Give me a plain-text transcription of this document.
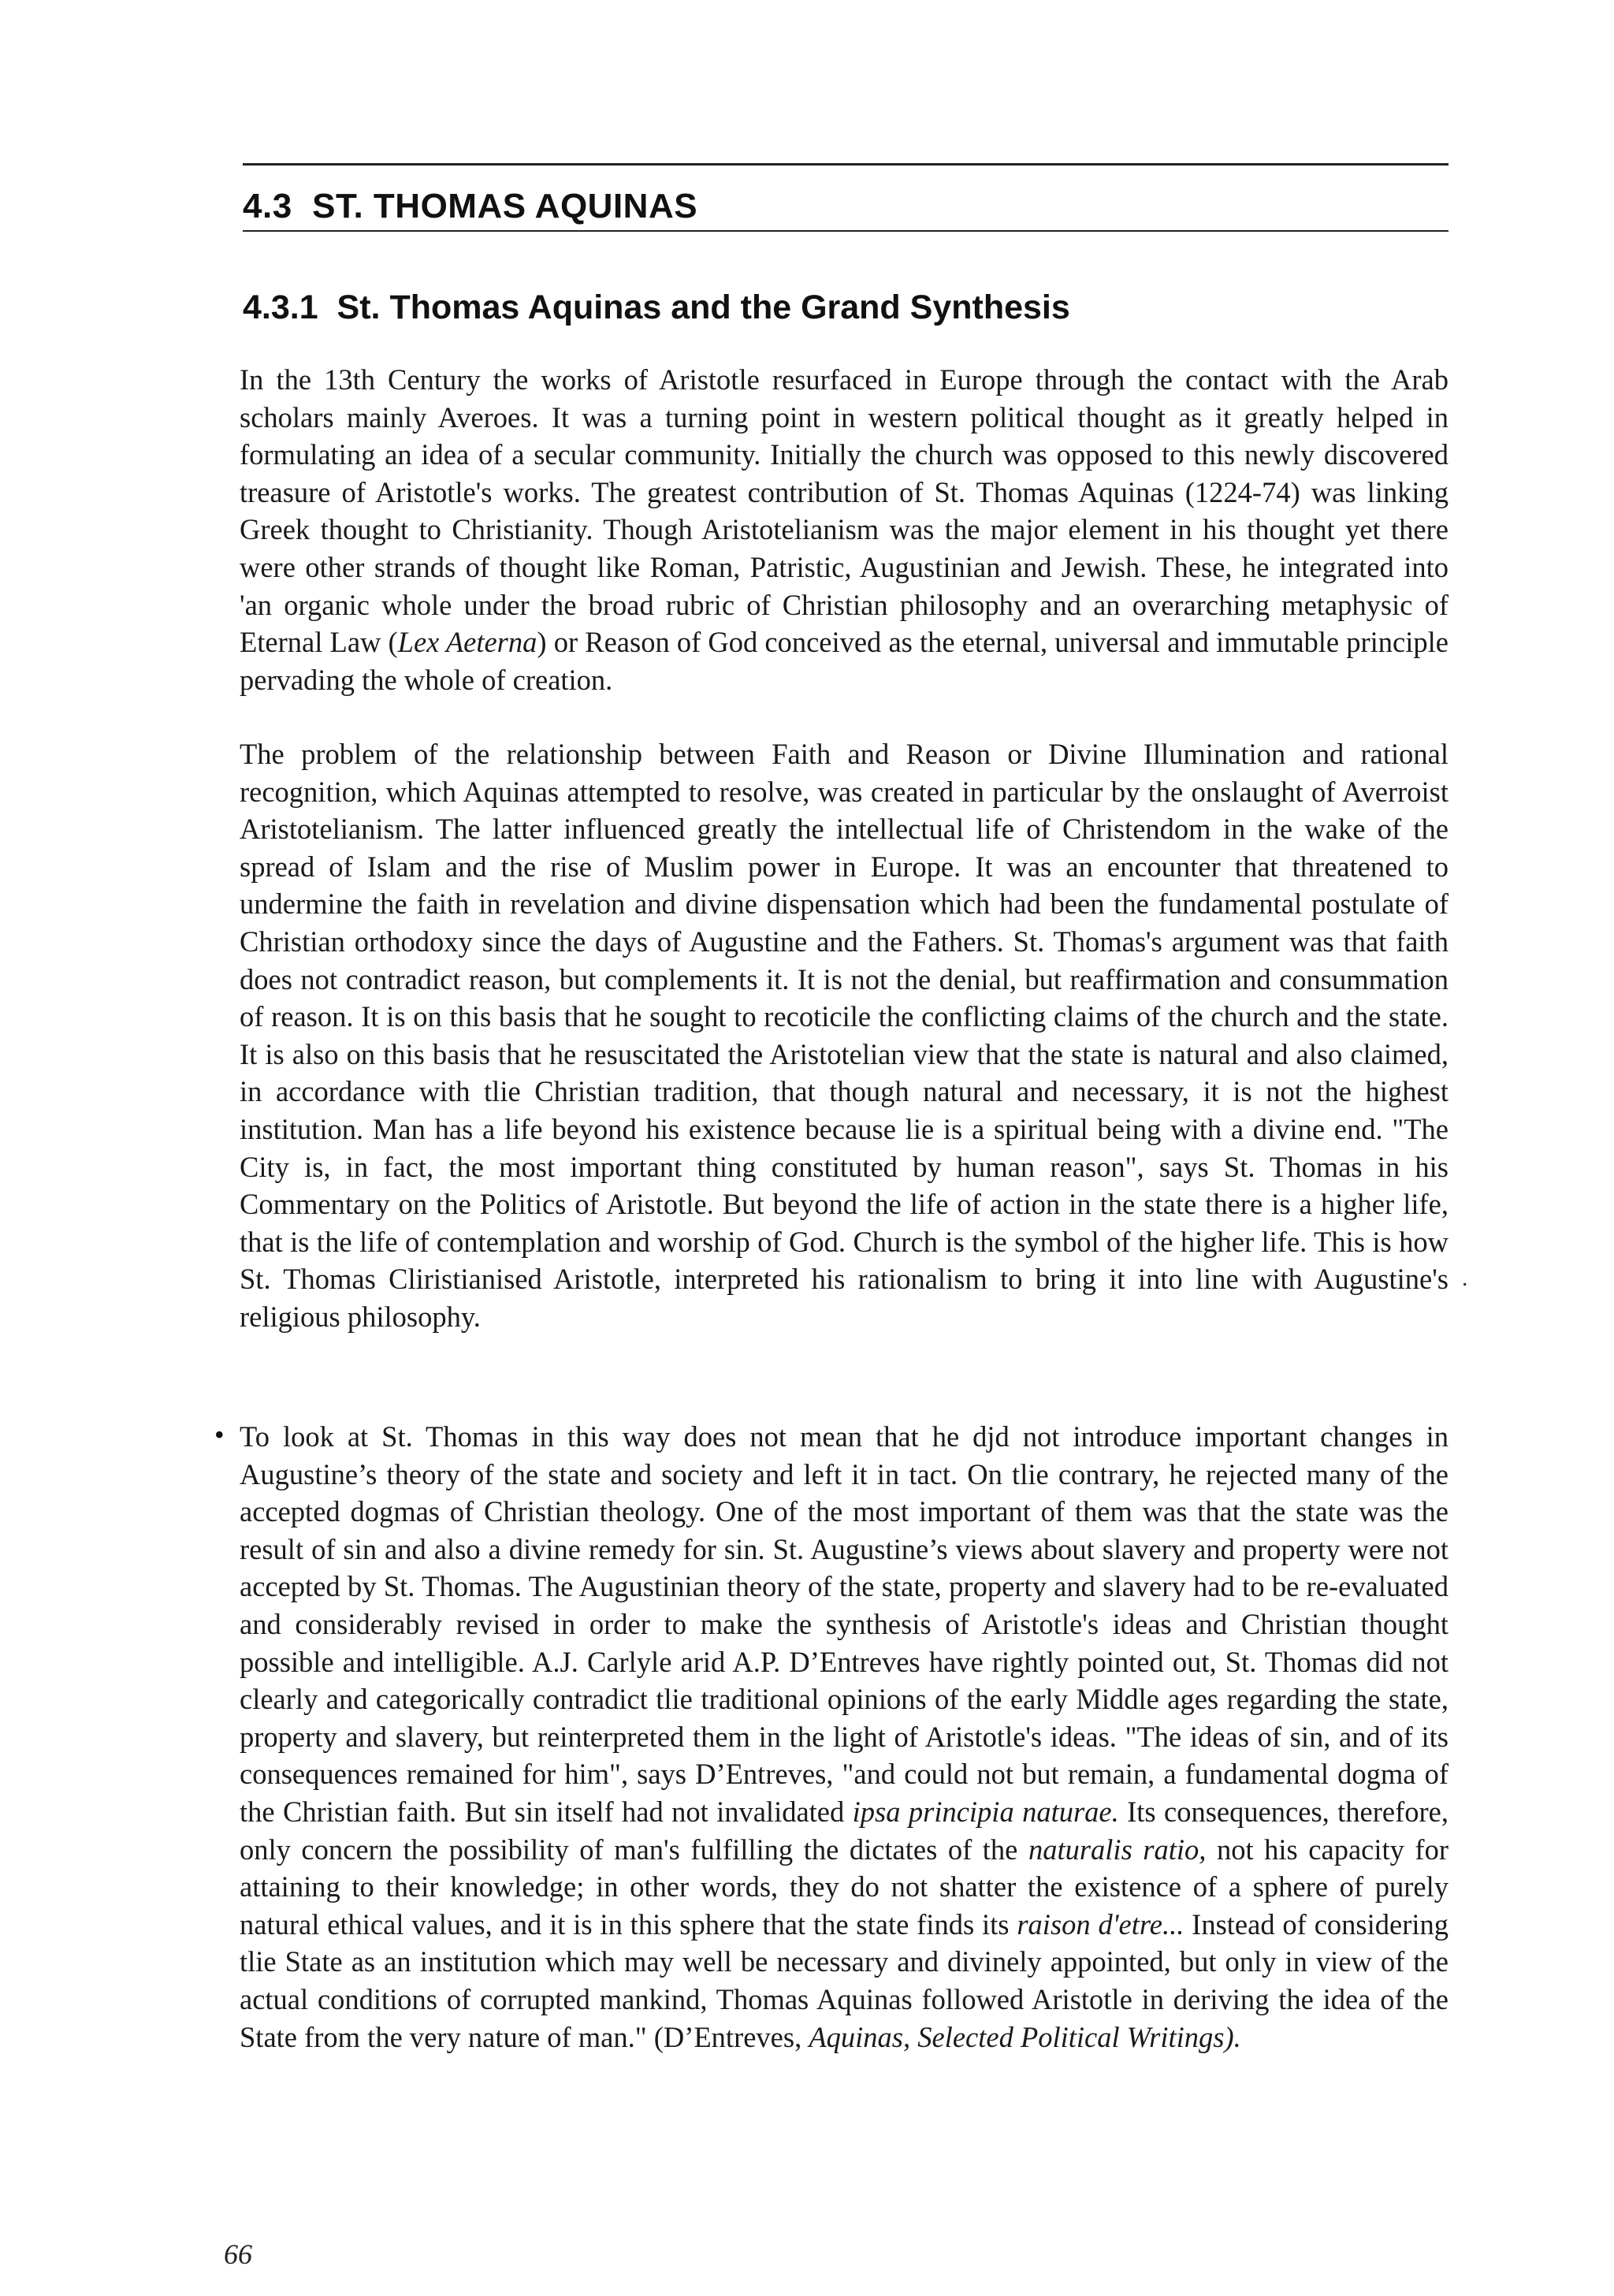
4.3 ST. THOMAS AQUINAS
4.3.1 St. Thomas Aquinas and the Grand Synthesis

In the 13th Century the works of Aristotle resurfaced in Europe through the contact with the Arab scholars mainly Averoes. It was a turning point in western political thought as it greatly helped in formulating an idea of a secular community. Initially the church was opposed to this newly discovered treasure of Aristotle's works. The greatest contribution of St. Thomas Aquinas (1224-74) was linking Greek thought to Christianity. Though Aristotelianism was the major element in his thought yet there were other strands of thought like Roman, Patristic, Augustinian and Jewish. These, he integrated into 'an organic whole under the broad rubric of Christian philosophy and an overarching metaphysic of Eternal Law (Lex Aeterna) or Reason of God conceived as the eternal, universal and immutable principle pervading the whole of creation.

The problem of the relationship between Faith and Reason or Divine Illumination and rational recognition, which Aquinas attempted to resolve, was created in particular by the onslaught of Averroist Aristotelianism. The latter influenced greatly the intellectual life of Christendom in the wake of the spread of Islam and the rise of Muslim power in Europe. It was an encounter that threatened to undermine the faith in revelation and divine dispensation which had been the fundamental postulate of Christian orthodoxy since the days of Augustine and the Fathers. St. Thomas's argument was that faith does not contradict reason, but complements it. It is not the denial, but reaffirmation and consummation of reason. It is on this basis that he sought to recoticile the conflicting claims of the church and the state. It is also on this basis that he resuscitated the Aristotelian view that the state is natural and also claimed, in accordance with tlie Christian tradition, that though natural and necessary, it is not the highest institution. Man has a life beyond his existence because lie is a spiritual being with a divine end. "The City is, in fact, the most important thing constituted by human reason", says St. Thomas in his Commentary on the Politics of Aristotle. But beyond the life of action in the state there is a higher life, that is the life of contemplation and worship of God. Church is the symbol of the higher life. This is how St. Thomas Cliristianised Aristotle, interpreted his rationalism to bring it into line with Augustine's religious philosophy.

.
• To look at St. Thomas in this way does not mean that he djd not introduce important changes in Augustine’s theory of the state and society and left it in tact. On tlie contrary, he rejected many of the accepted dogmas of Christian theology. One of the most important of them was that the state was the result of sin and also a divine remedy for sin. St. Augustine’s views about slavery and property were not accepted by St. Thomas. The Augustinian theory of the state, property and slavery had to be re-evaluated and considerably revised in order to make the synthesis of Aristotle's ideas and Christian thought possible and intelligible. A.J. Carlyle arid A.P. D’Entreves have rightly pointed out, St. Thomas did not clearly and categorically contradict tlie traditional opinions of the early Middle ages regarding the state, property and slavery, but reinterpreted them in the light of Aristotle's ideas. "The ideas of sin, and of its consequences remained for him", says D’Entreves, "and could not but remain, a fundamental dogma of the Christian faith. But sin itself had not invalidated ipsa principia naturae. Its consequences, therefore, only concern the possibility of man's fulfilling the dictates of the naturalis ratio, not his capacity for attaining to their knowledge; in other words, they do not shatter the existence of a sphere of purely natural ethical values, and it is in this sphere that the state finds its raison d'etre... Instead of considering tlie State as an institution which may well be necessary and divinely appointed, but only in view of the actual conditions of corrupted mankind, Thomas Aquinas followed Aristotle in deriving the idea of the State from the very nature of man." (D’Entreves, Aquinas, Selected Political Writings).

66
